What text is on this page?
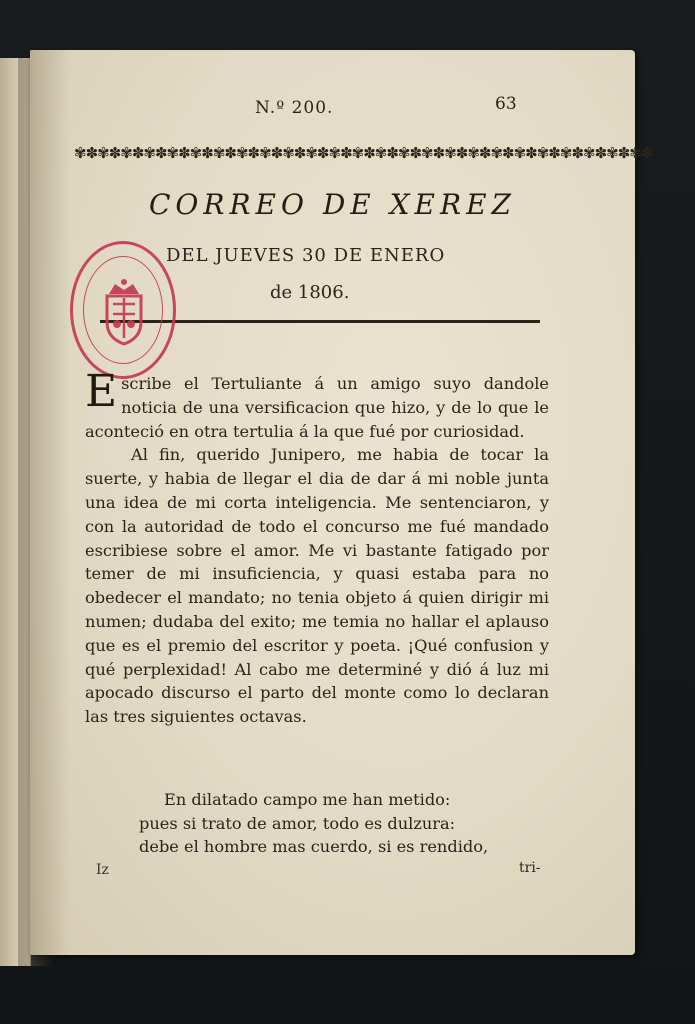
N.º 200.	63
✾✽✾✽✾✽✾✽✾✽✾✽✾✽✾✽✾✽✾✽✾✽✾✽✾✽✾✽✾✽✾✽✾✽✾✽✾✽✾✽✾✽✾✽✾✽✾✽✾✽
CORREO DE XEREZ
DEL JUEVES 30 DE ENERO
de 1806.

Escribe el Tertuliante á un amigo suyo dandole noticia de una versificacion que hizo, y de lo que le aconteció en otra tertulia á la que fué por curiosidad.

Al fin, querido Junipero, me habia de tocar la suerte, y habia de llegar el dia de dar á mi noble junta una idea de mi corta inteligencia. Me sentenciaron, y con la autoridad de todo el concurso me fué mandado escribiese sobre el amor. Me vi bastante fatigado por temer de mi insuficiencia, y quasi estaba para no obedecer el mandato; no tenia objeto á quien dirigir mi numen; dudaba del exito; me temia no hallar el aplauso que es el premio del escritor y poeta. ¡Qué confusion y qué perplexidad! Al cabo me determiné y dió á luz mi apocado discurso el parto del monte como lo declaran las tres siguientes octavas.

En dilatado campo me han metido:
pues si trato de amor, todo es dulzura:
debe el hombre mas cuerdo, si es rendido,
Iz	tri-
